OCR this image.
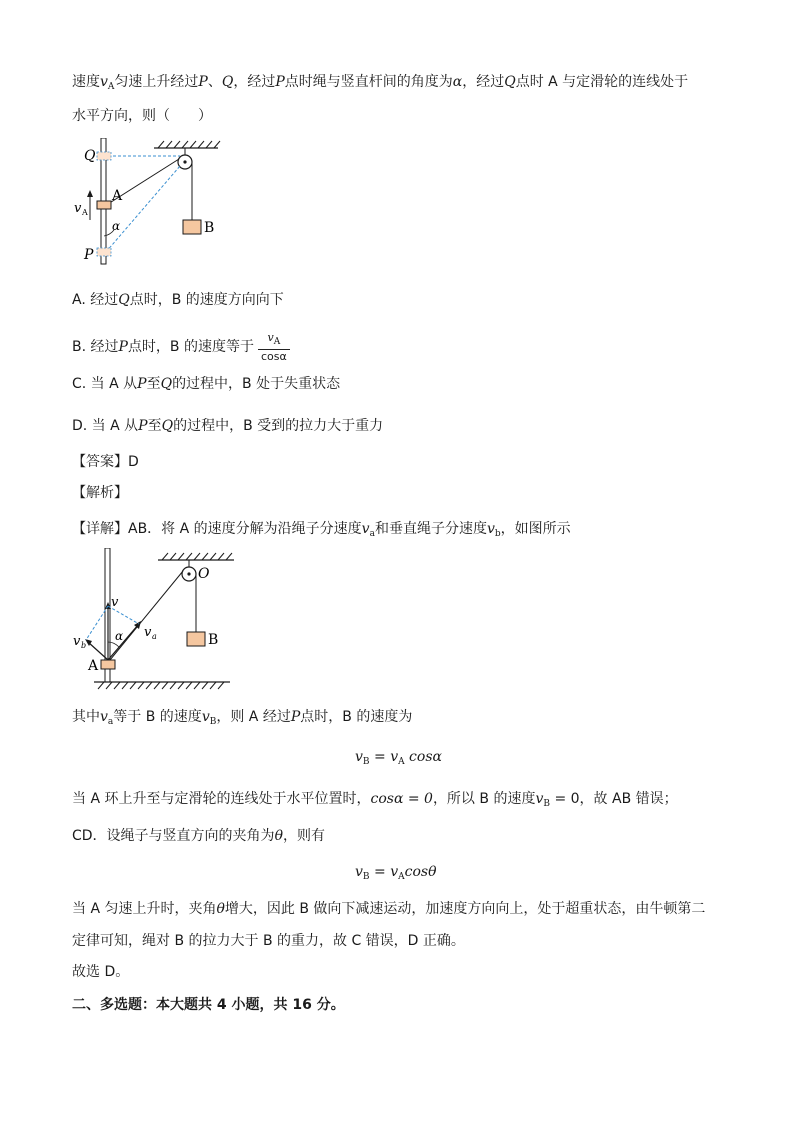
速度$v_A$匀速上升经过P、Q，经过P点时绳与竖直杆间的角度为α，经过Q点时 A 与定滑轮的连线处于
水平方向，则（　　）
Q
P
A
B
v A
α
A. 经过Q点时，B 的速度方向向下
B. 经过P点时，B 的速度等于 $\frac{v_A}{\cos\alpha}$
C. 当 A 从P至Q的过程中，B 处于失重状态
D. 当 A 从P至Q的过程中，B 受到的拉力大于重力
【答案】D
【解析】
【详解】AB．将 A 的速度分解为沿绳子分速度$v_a$和垂直绳子分速度$v_b$，如图所示
O
B
A
v
v a
v b
α
其中$v_a$等于 B 的速度$v_B$，则 A 经过P点时，B 的速度为
$v_B = v_A$ cosα
当 A 环上升至与定滑轮的连线处于水平位置时，cosα = 0，所以 B 的速度$v_B = 0$，故 AB 错误；
CD．设绳子与竖直方向的夹角为θ，则有
$v_B = v_A\cos\theta$
当 A 匀速上升时，夹角θ增大，因此 B 做向下减速运动，加速度方向向上，处于超重状态，由牛顿第二
定律可知，绳对 B 的拉力大于 B 的重力，故 C 错误，D 正确。
故选 D。
二、多选题：本大题共 4 小题，共 16 分。
